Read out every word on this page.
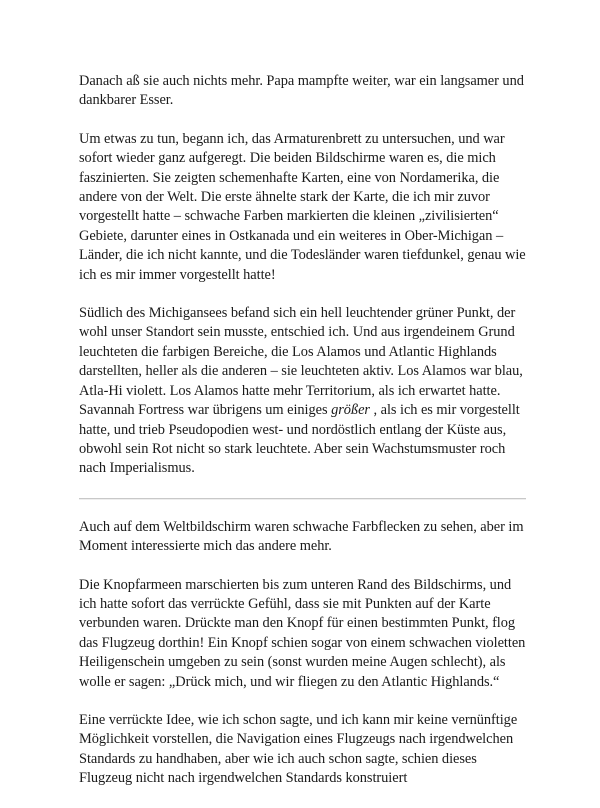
Danach aß sie auch nichts mehr. Papa mampfte weiter, war ein langsamer und dankbarer Esser.

Um etwas zu tun, begann ich, das Armaturenbrett zu untersuchen, und war sofort wieder ganz aufgeregt. Die beiden Bildschirme waren es, die mich faszinierten. Sie zeigten schemenhafte Karten, eine von Nordamerika, die andere von der Welt. Die erste ähnelte stark der Karte, die ich mir zuvor vorgestellt hatte – schwache Farben markierten die kleinen „zivilisierten“ Gebiete, darunter eines in Ostkanada und ein weiteres in Ober-Michigan – Länder, die ich nicht kannte, und die Todesländer waren tiefdunkel, genau wie ich es mir immer vorgestellt hatte!

Südlich des Michigansees befand sich ein hell leuchtender grüner Punkt, der wohl unser Standort sein musste, entschied ich. Und aus irgendeinem Grund leuchteten die farbigen Bereiche, die Los Alamos und Atlantic Highlands darstellten, heller als die anderen – sie leuchteten aktiv. Los Alamos war blau, Atla-Hi violett. Los Alamos hatte mehr Territorium, als ich erwartet hatte. Savannah Fortress war übrigens um einiges größer , als ich es mir vorgestellt hatte, und trieb Pseudopodien west- und nordöstlich entlang der Küste aus, obwohl sein Rot nicht so stark leuchtete. Aber sein Wachstumsmuster roch nach Imperialismus.

Auch auf dem Weltbildschirm waren schwache Farbflecken zu sehen, aber im Moment interessierte mich das andere mehr.

Die Knopfarmeen marschierten bis zum unteren Rand des Bildschirms, und ich hatte sofort das verrückte Gefühl, dass sie mit Punkten auf der Karte verbunden waren. Drückte man den Knopf für einen bestimmten Punkt, flog das Flugzeug dorthin! Ein Knopf schien sogar von einem schwachen violetten Heiligenschein umgeben zu sein (sonst wurden meine Augen schlecht), als wolle er sagen: „Drück mich, und wir fliegen zu den Atlantic Highlands.“

Eine verrückte Idee, wie ich schon sagte, und ich kann mir keine vernünftige Möglichkeit vorstellen, die Navigation eines Flugzeugs nach irgendwelchen Standards zu handhaben, aber wie ich auch schon sagte, schien dieses Flugzeug nicht nach irgendwelchen Standards konstruiert
